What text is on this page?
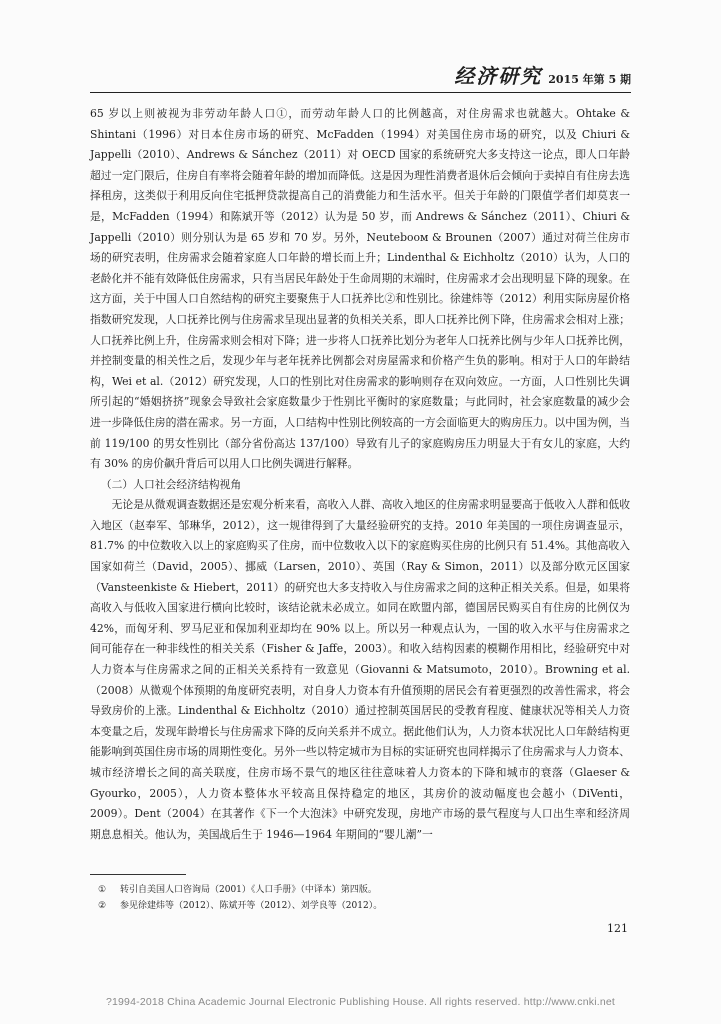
经济研究 2015 年第 5 期

65 岁以上则被视为非劳动年龄人口①，而劳动年龄人口的比例越高，对住房需求也就越大。Ohtake & Shintani（1996）对日本住房市场的研究、McFadden（1994）对美国住房市场的研究，以及 Chiuri & Jappelli（2010）、Andrews & Sánchez（2011）对 OECD 国家的系统研究大多支持这一论点，即人口年龄超过一定门限后，住房自有率将会随着年龄的增加而降低。这是因为理性消费者退休后会倾向于卖掉自有住房去选择租房，这类似于利用反向住宅抵押贷款提高自己的消费能力和生活水平。但关于年龄的门限值学者们却莫衷一是，McFadden（1994）和陈斌开等（2012）认为是 50 岁，而 Andrews & Sánchez（2011）、Chiuri & Jappelli（2010）则分别认为是 65 岁和 70 岁。另外，Neutebooм & Brounen（2007）通过对荷兰住房市场的研究表明，住房需求会随着家庭人口年龄的增长而上升；Lindenthal & Eichholtz（2010）认为，人口的老龄化并不能有效降低住房需求，只有当居民年龄处于生命周期的末端时，住房需求才会出现明显下降的现象。在这方面，关于中国人口自然结构的研究主要聚焦于人口抚养比②和性别比。徐建炜等（2012）利用实际房屋价格指数研究发现，人口抚养比例与住房需求呈现出显著的负相关关系，即人口抚养比例下降，住房需求会相对上涨；人口抚养比例上升，住房需求则会相对下降；进一步将人口抚养比划分为老年人口抚养比例与少年人口抚养比例，并控制变量的相关性之后，发现少年与老年抚养比例都会对房屋需求和价格产生负的影响。相对于人口的年龄结构，Wei et al.（2012）研究发现，人口的性别比对住房需求的影响则存在双向效应。一方面，人口性别比失调所引起的“婚姻挤挤”现象会导致社会家庭数量少于性别比平衡时的家庭数量；与此同时，社会家庭数量的减少会进一步降低住房的潜在需求。另一方面，人口结构中性别比例较高的一方会面临更大的购房压力。以中国为例，当前 119/100 的男女性别比（部分省份高达 137/100）导致有儿子的家庭购房压力明显大于有女儿的家庭，大约有 30% 的房价飙升背后可以用人口比例失调进行解释。

（二）人口社会经济结构视角

无论是从微观调查数据还是宏观分析来看，高收入人群、高收入地区的住房需求明显要高于低收入人群和低收入地区（赵奉军、邹琳华，2012），这一规律得到了大量经验研究的支持。2010 年美国的一项住房调查显示，81.7% 的中位数收入以上的家庭购买了住房，而中位数收入以下的家庭购买住房的比例只有 51.4%。其他高收入国家如荷兰（David，2005）、挪威（Larsen，2010）、英国（Ray & Simon，2011）以及部分欧元区国家（Vansteenkiste & Hiebert，2011）的研究也大多支持收入与住房需求之间的这种正相关关系。但是，如果将高收入与低收入国家进行横向比较时，该结论就未必成立。如同在欧盟内部，德国居民购买自有住房的比例仅为 42%，而匈牙利、罗马尼亚和保加利亚却均在 90% 以上。所以另一种观点认为，一国的收入水平与住房需求之间可能存在一种非线性的相关关系（Fisher & Jaffe，2003）。和收入结构因素的模糊作用相比，经验研究中对人力资本与住房需求之间的正相关关系持有一致意见（Giovanni & Matsumoto，2010）。Browning et al.（2008）从微观个体预期的角度研究表明，对自身人力资本有升值预期的居民会有着更强烈的改善性需求，将会导致房价的上涨。Lindenthal & Eichholtz（2010）通过控制英国居民的受教育程度、健康状况等相关人力资本变量之后，发现年龄增长与住房需求下降的反向关系并不成立。据此他们认为，人力资本状况比人口年龄结构更能影响到英国住房市场的周期性变化。另外一些以特定城市为目标的实证研究也同样揭示了住房需求与人力资本、城市经济增长之间的高关联度，住房市场不景气的地区往往意味着人力资本的下降和城市的衰落（Glaeser & Gyourko，2005），人力资本整体水平较高且保持稳定的地区，其房价的波动幅度也会越小（DiVenti，2009）。Dent（2004）在其著作《下一个大泡沫》中研究发现，房地产市场的景气程度与人口出生率和经济周期息息相关。他认为，美国战后生于 1946—1964 年期间的“婴儿潮”一

①	转引自美国人口咨询局（2001）《人口手册》（中译本）第四版。
②	参见徐建炜等（2012）、陈斌开等（2012）、刘学良等（2012）。
121
?1994-2018 China Academic Journal Electronic Publishing House. All rights reserved. http://www.cnki.net
